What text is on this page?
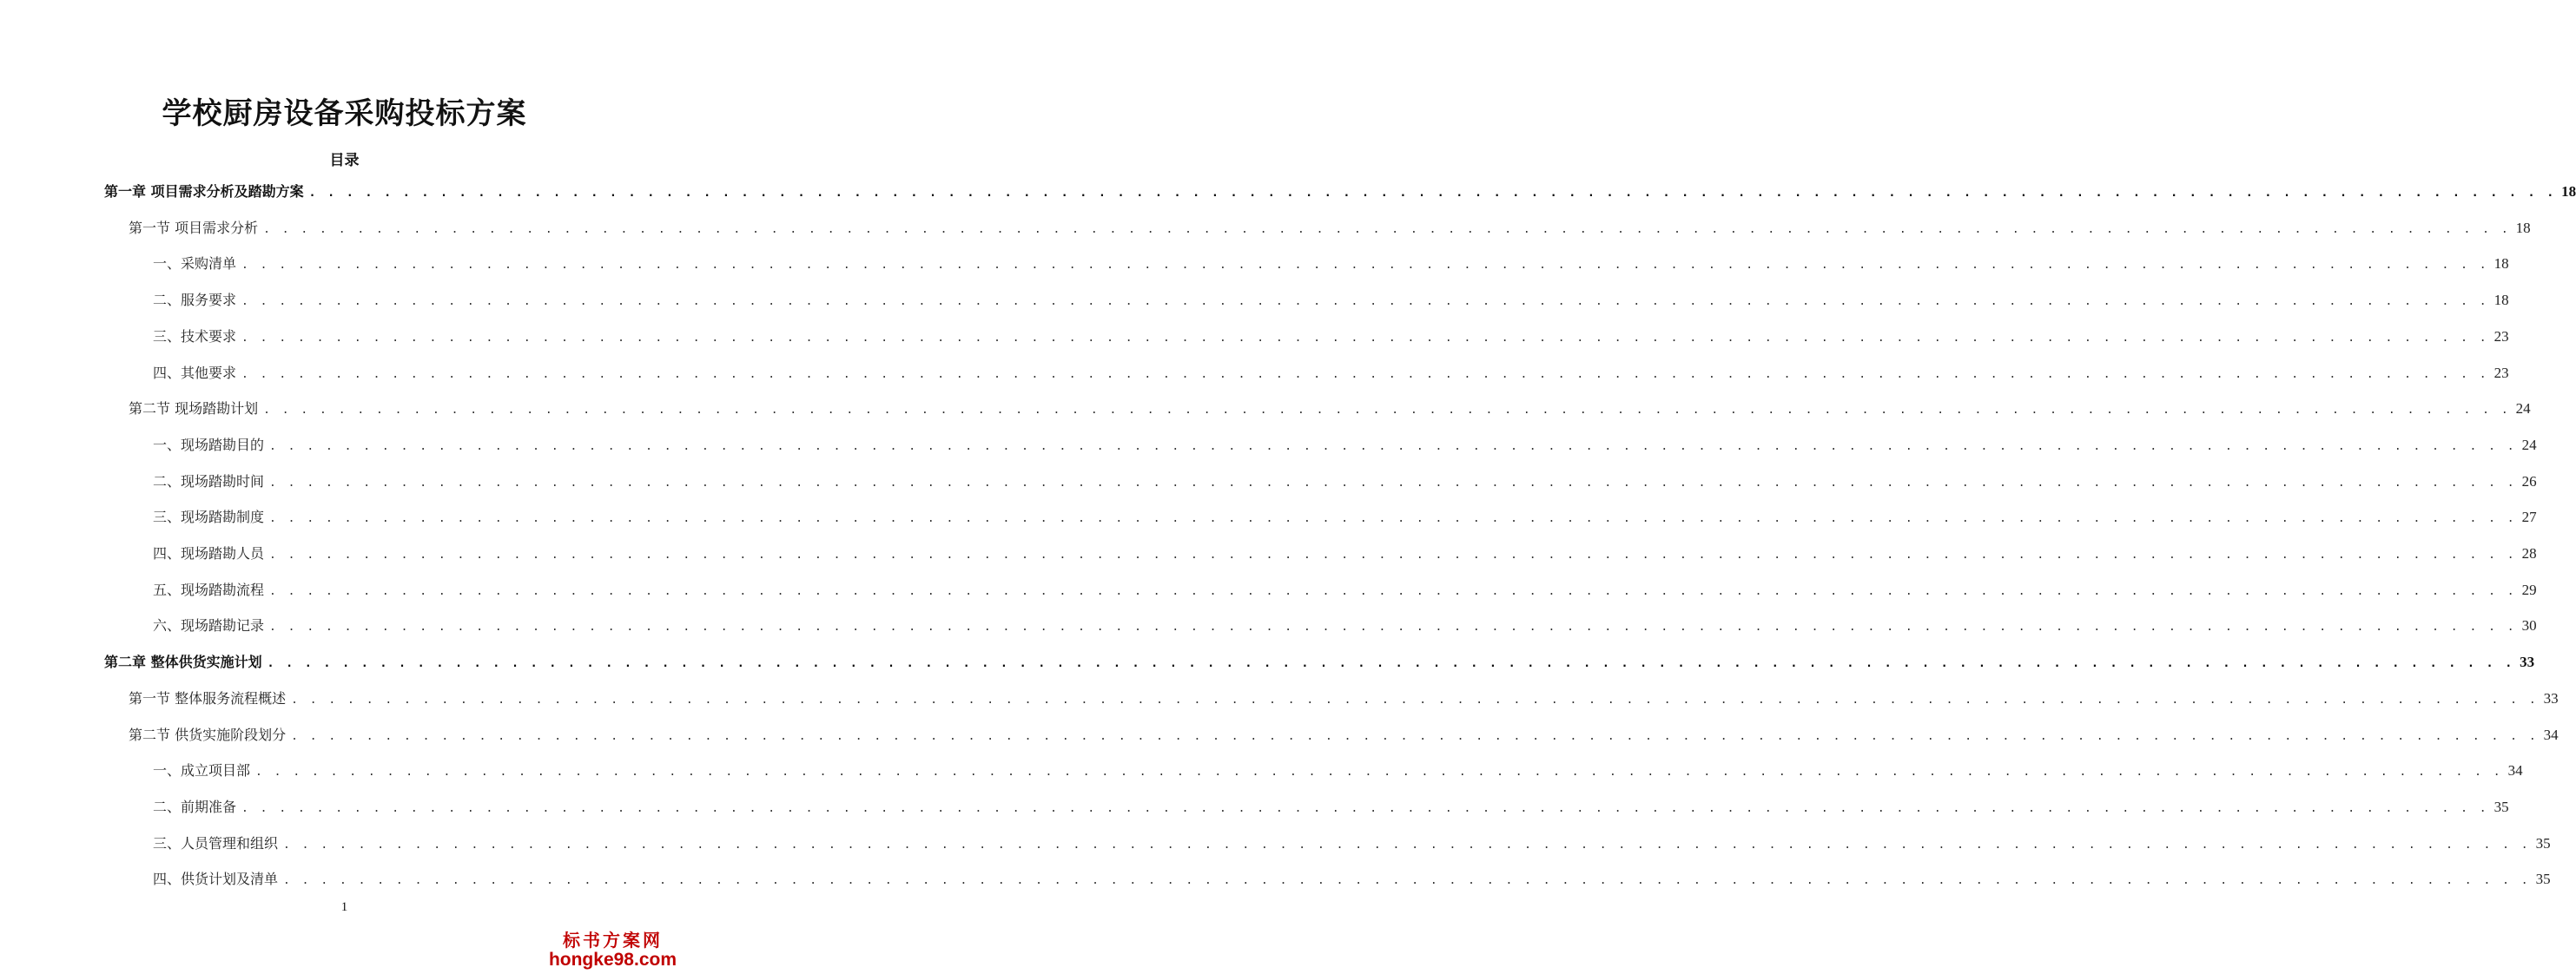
学校厨房设备采购投标方案
目录
第一章 项目需求分析及踏勘方案 . . . . . . . . . . . . . . . . . . . . . . . . . . . . . . . . . . . . . . . . . . . . . . . . . . . . . . . . . . . . . . . . . . . . . . . . . . . . . . . . . . . . . . . . . . . . . . . . . . . . . . . . . . . . . . . . . . . . . . . . 18
第一节 项目需求分析 . . . . . . . . . . . . . . . . . . . . . . . . . . . . . . . . . . . . . . . . . . . . . . . . . . . . . . . . . . . . . . . . . . . . . . . . . . . . . . . . . . . . . . . . . . . . . . . . . . . . . . . . . . . . . . . . . . . . . . . . 18
一、采购清单 . . . . . . . . . . . . . . . . . . . . . . . . . . . . . . . . . . . . . . . . . . . . . . . . . . . . . . . . . . . . . . . . . . . . . . . . . . . . . . . . . . . . . . . . . . . . . . . . . . . . . . . . . . . . . . . . . . . . . . . . 18
二、服务要求 . . . . . . . . . . . . . . . . . . . . . . . . . . . . . . . . . . . . . . . . . . . . . . . . . . . . . . . . . . . . . . . . . . . . . . . . . . . . . . . . . . . . . . . . . . . . . . . . . . . . . . . . . . . . . . . . . . . . . . . . 18
三、技术要求 . . . . . . . . . . . . . . . . . . . . . . . . . . . . . . . . . . . . . . . . . . . . . . . . . . . . . . . . . . . . . . . . . . . . . . . . . . . . . . . . . . . . . . . . . . . . . . . . . . . . . . . . . . . . . . . . . . . . . . . . 23
四、其他要求 . . . . . . . . . . . . . . . . . . . . . . . . . . . . . . . . . . . . . . . . . . . . . . . . . . . . . . . . . . . . . . . . . . . . . . . . . . . . . . . . . . . . . . . . . . . . . . . . . . . . . . . . . . . . . . . . . . . . . . . . 23
第二节 现场踏勘计划 . . . . . . . . . . . . . . . . . . . . . . . . . . . . . . . . . . . . . . . . . . . . . . . . . . . . . . . . . . . . . . . . . . . . . . . . . . . . . . . . . . . . . . . . . . . . . . . . . . . . . . . . . . . . . . . . . . . . . . . . 24
一、现场踏勘目的 . . . . . . . . . . . . . . . . . . . . . . . . . . . . . . . . . . . . . . . . . . . . . . . . . . . . . . . . . . . . . . . . . . . . . . . . . . . . . . . . . . . . . . . . . . . . . . . . . . . . . . . . . . . . . . . . . . . . . . . . 24
二、现场踏勘时间 . . . . . . . . . . . . . . . . . . . . . . . . . . . . . . . . . . . . . . . . . . . . . . . . . . . . . . . . . . . . . . . . . . . . . . . . . . . . . . . . . . . . . . . . . . . . . . . . . . . . . . . . . . . . . . . . . . . . . . . . 26
三、现场踏勘制度 . . . . . . . . . . . . . . . . . . . . . . . . . . . . . . . . . . . . . . . . . . . . . . . . . . . . . . . . . . . . . . . . . . . . . . . . . . . . . . . . . . . . . . . . . . . . . . . . . . . . . . . . . . . . . . . . . . . . . . . . 27
四、现场踏勘人员 . . . . . . . . . . . . . . . . . . . . . . . . . . . . . . . . . . . . . . . . . . . . . . . . . . . . . . . . . . . . . . . . . . . . . . . . . . . . . . . . . . . . . . . . . . . . . . . . . . . . . . . . . . . . . . . . . . . . . . . . 28
五、现场踏勘流程 . . . . . . . . . . . . . . . . . . . . . . . . . . . . . . . . . . . . . . . . . . . . . . . . . . . . . . . . . . . . . . . . . . . . . . . . . . . . . . . . . . . . . . . . . . . . . . . . . . . . . . . . . . . . . . . . . . . . . . . . 29
六、现场踏勘记录 . . . . . . . . . . . . . . . . . . . . . . . . . . . . . . . . . . . . . . . . . . . . . . . . . . . . . . . . . . . . . . . . . . . . . . . . . . . . . . . . . . . . . . . . . . . . . . . . . . . . . . . . . . . . . . . . . . . . . . . . 30
第二章 整体供货实施计划 . . . . . . . . . . . . . . . . . . . . . . . . . . . . . . . . . . . . . . . . . . . . . . . . . . . . . . . . . . . . . . . . . . . . . . . . . . . . . . . . . . . . . . . . . . . . . . . . . . . . . . . . . . . . . . . . . . . . . . . . 33
第一节 整体服务流程概述 . . . . . . . . . . . . . . . . . . . . . . . . . . . . . . . . . . . . . . . . . . . . . . . . . . . . . . . . . . . . . . . . . . . . . . . . . . . . . . . . . . . . . . . . . . . . . . . . . . . . . . . . . . . . . . . . . . . . . . . . 33
第二节 供货实施阶段划分 . . . . . . . . . . . . . . . . . . . . . . . . . . . . . . . . . . . . . . . . . . . . . . . . . . . . . . . . . . . . . . . . . . . . . . . . . . . . . . . . . . . . . . . . . . . . . . . . . . . . . . . . . . . . . . . . . . . . . . . . 34
一、成立项目部 . . . . . . . . . . . . . . . . . . . . . . . . . . . . . . . . . . . . . . . . . . . . . . . . . . . . . . . . . . . . . . . . . . . . . . . . . . . . . . . . . . . . . . . . . . . . . . . . . . . . . . . . . . . . . . . . . . . . . . . . 34
二、前期准备 . . . . . . . . . . . . . . . . . . . . . . . . . . . . . . . . . . . . . . . . . . . . . . . . . . . . . . . . . . . . . . . . . . . . . . . . . . . . . . . . . . . . . . . . . . . . . . . . . . . . . . . . . . . . . . . . . . . . . . . . 35
三、人员管理和组织 . . . . . . . . . . . . . . . . . . . . . . . . . . . . . . . . . . . . . . . . . . . . . . . . . . . . . . . . . . . . . . . . . . . . . . . . . . . . . . . . . . . . . . . . . . . . . . . . . . . . . . . . . . . . . . . . . . . . . . . . 35
四、供货计划及清单 . . . . . . . . . . . . . . . . . . . . . . . . . . . . . . . . . . . . . . . . . . . . . . . . . . . . . . . . . . . . . . . . . . . . . . . . . . . . . . . . . . . . . . . . . . . . . . . . . . . . . . . . . . . . . . . . . . . . . . . . 35
1
标书方案网
hongke98.com
